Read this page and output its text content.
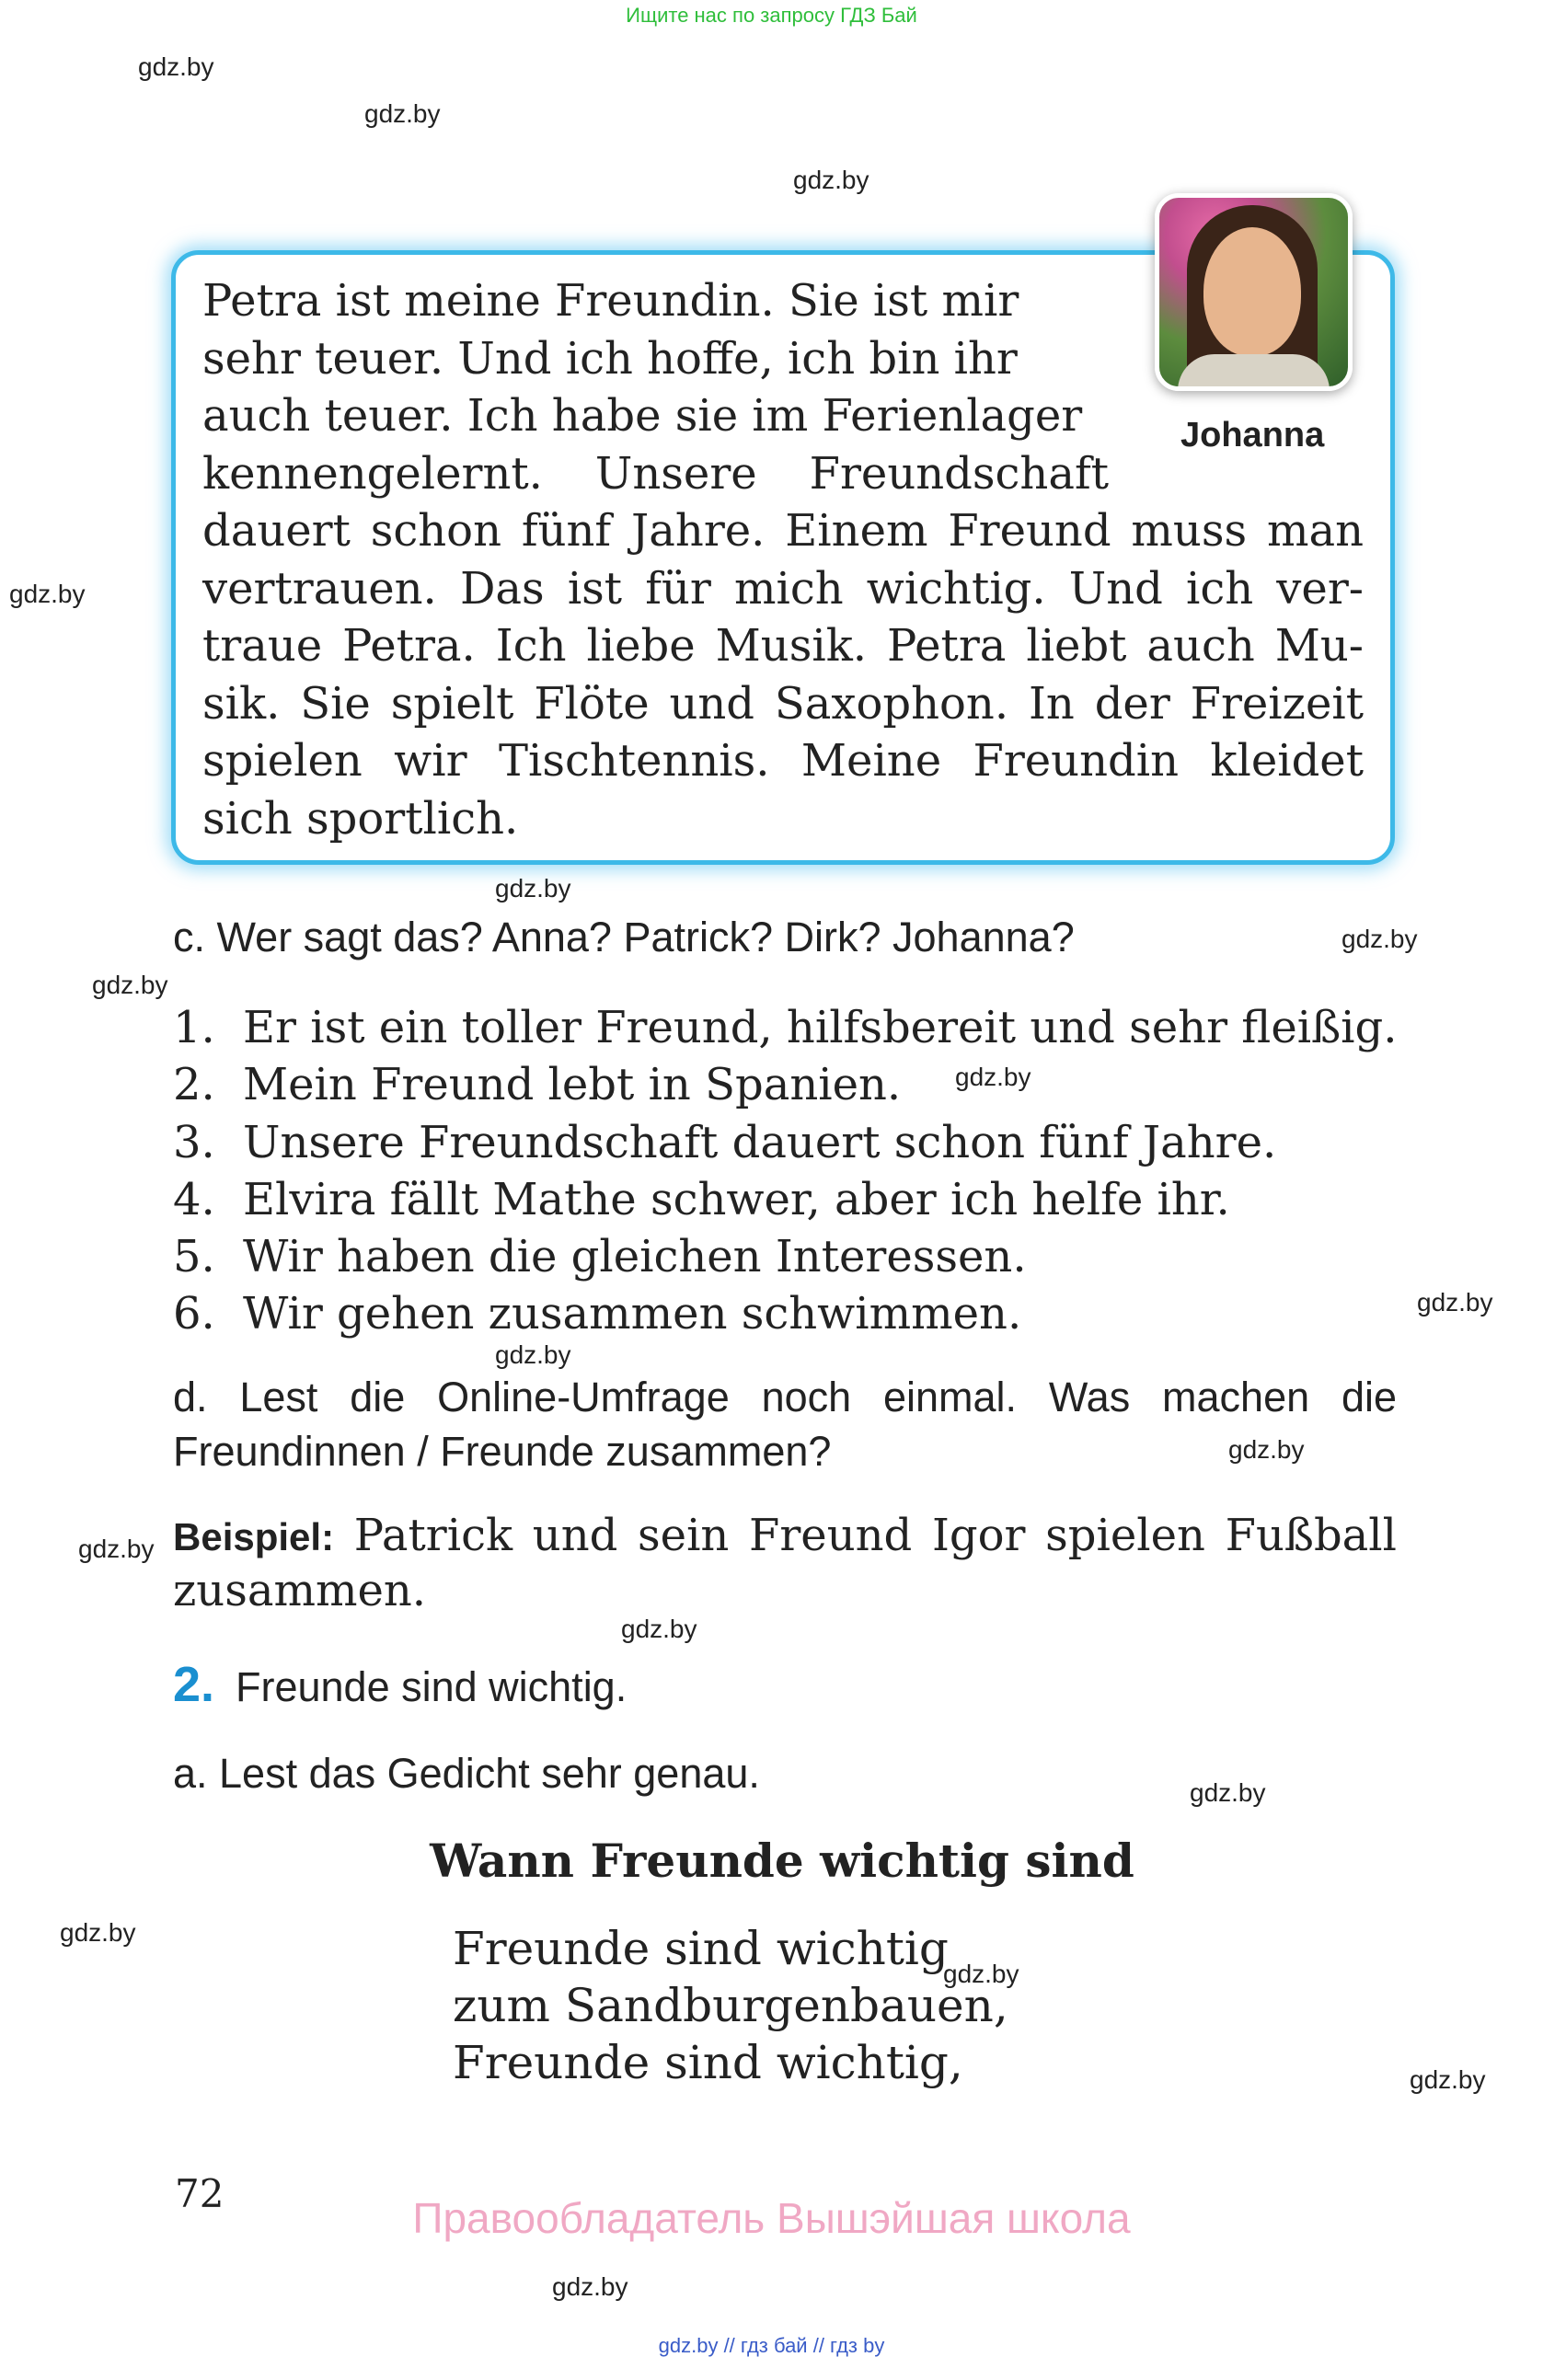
Ищите нас по запросу ГДЗ Бай
gdz.by
gdz.by
gdz.by
gdz.by
gdz.by
gdz.by
gdz.by
gdz.by
gdz.by
gdz.by
gdz.by
gdz.by
gdz.by
gdz.by
gdz.by
gdz.by
gdz.by
gdz.by
Petra ist meine Freundin. Sie ist mir
sehr teuer. Und ich hoffe, ich bin ihr
auch teuer. Ich habe sie im Ferienlager
kennengelernt. Unsere Freundschaft
dauert schon fünf Jahre. Einem Freund muss man
vertrauen. Das ist für mich wichtig. Und ich ver-
traue Petra. Ich liebe Musik. Petra liebt auch Mu-
sik. Sie spielt Flöte und Saxophon. In der Freizeit
spielen wir Tischtennis. Meine Freundin kleidet
sich sportlich.
Johanna
c. Wer sagt das? Anna? Patrick? Dirk? Johanna?
1. Er ist ein toller Freund, hilfsbereit und sehr fleißig.
2. Mein Freund lebt in Spanien.
3. Unsere Freundschaft dauert schon fünf Jahre.
4. Elvira fällt Mathe schwer, aber ich helfe ihr.
5. Wir haben die gleichen Interessen.
6. Wir gehen zusammen schwimmen.
d. Lest die Online-Umfrage noch einmal. Was machen die
Freundinnen / Freunde zusammen?
Beispiel: Patrick und sein Freund Igor spielen Fußball zusammen.
2. Freunde sind wichtig.
a. Lest das Gedicht sehr genau.
Wann Freunde wichtig sind
Freunde sind wichtig
zum Sandburgenbauen,
Freunde sind wichtig,
72
Правообладатель Вышэйшая школа
gdz.by // гдз бай // гдз by
